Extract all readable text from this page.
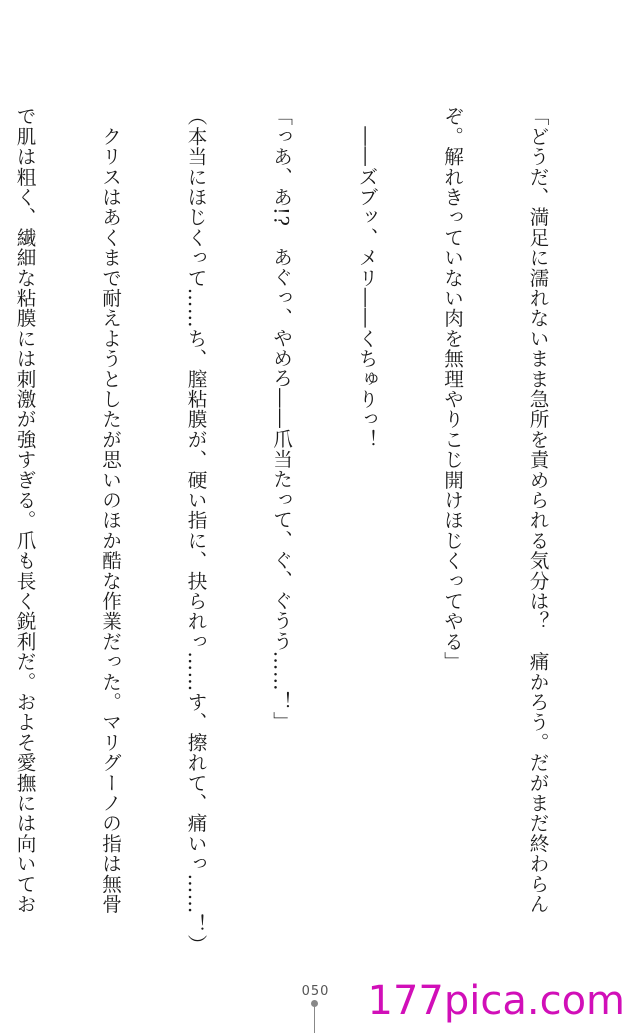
「どうだ、満足に濡れないまま急所を責められる気分は？　痛かろう。だがまだ終わらん

ぞ。解れきっていない肉を無理やりこじ開けほじくってやる」

　――ズブッ、メリ――くちゅりっ！

「っあ、あ!?　あぐっ、やめろ――爪当たって、ぐ、ぐうう……！」

（本当にほじくって……ち、膣粘膜が、硬い指に、抉られっ……す、擦れて、痛いっ……！）

　クリスはあくまで耐えようとしたが思いのほか酷な作業だった。マリグーノの指は無骨

で肌は粗く、繊細な粘膜には刺激が強すぎる。爪も長く鋭利だ。およそ愛撫には向いてお

050 177pica.com
